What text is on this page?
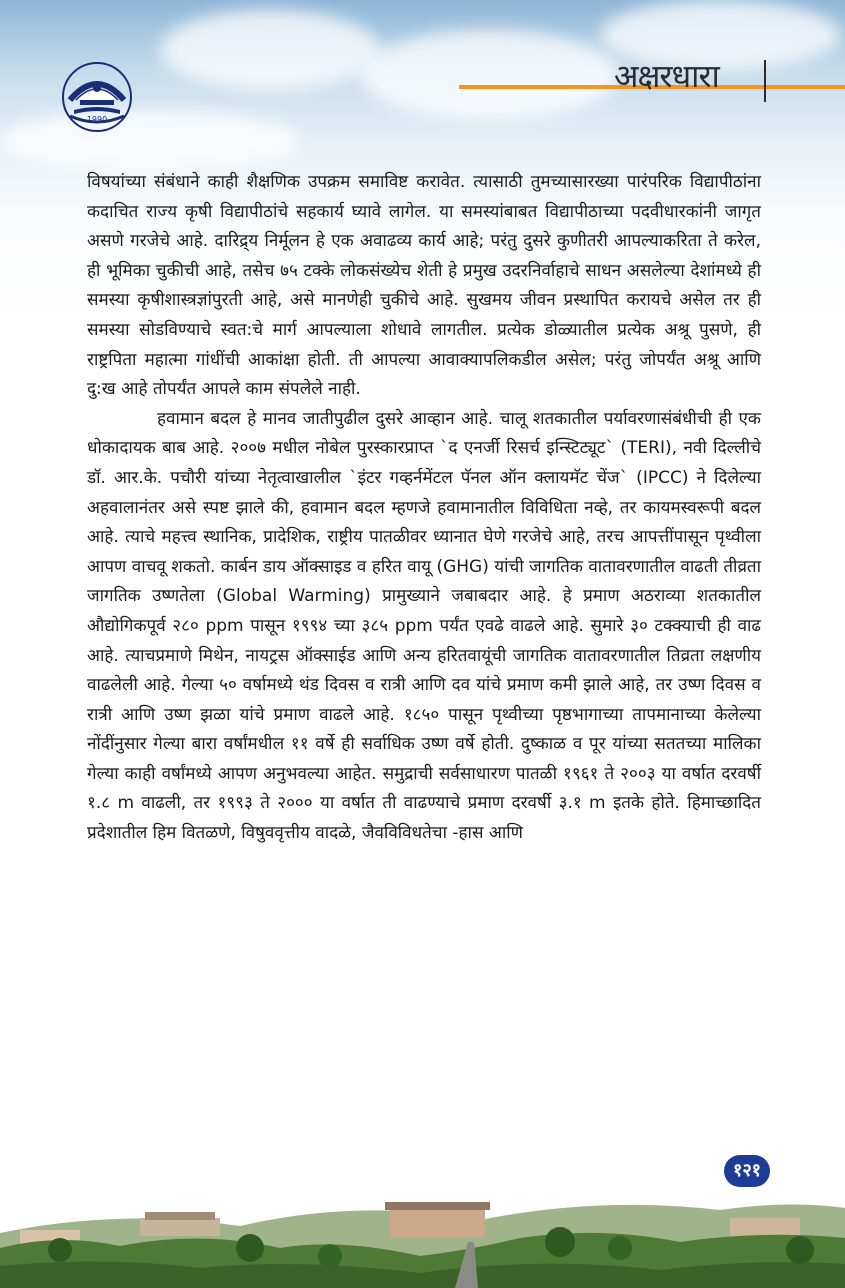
1990
अक्षरधारा

विषयांच्या संबंधाने काही शैक्षणिक उपक्रम समाविष्ट करावेत. त्यासाठी तुमच्यासारख्या पारंपरिक विद्यापीठांना कदाचित राज्य कृषी विद्यापीठांचे सहकार्य घ्यावे लागेल. या समस्यांबाबत विद्यापीठाच्या पदवीधारकांनी जागृत असणे गरजेचे आहे. दारिद्र्य निर्मूलन हे एक अवाढव्य कार्य आहे; परंतु दुसरे कुणीतरी आपल्याकरिता ते करेल, ही भूमिका चुकीची आहे, तसेच ७५ टक्के लोकसंख्येच शेती हे प्रमुख उदरनिर्वाहाचे साधन असलेल्या देशांमध्ये ही समस्या कृषीशास्त्रज्ञांपुरती आहे, असे मानणेही चुकीचे आहे. सुखमय जीवन प्रस्थापित करायचे असेल तर ही समस्या सोडविण्याचे स्वत:चे मार्ग आपल्याला शोधावे लागतील. प्रत्येक डोळ्यातील प्रत्येक अश्रू पुसणे, ही राष्ट्रपिता महात्मा गांधींची आकांक्षा होती. ती आपल्या आवाक्यापलिकडील असेल; परंतु जोपर्यंत अश्रू आणि दु:ख आहे तोपर्यंत आपले काम संपलेले नाही.

हवामान बदल हे मानव जातीपुढील दुसरे आव्हान आहे. चालू शतकातील पर्यावरणासंबंधीची ही एक धोकादायक बाब आहे. २००७ मधील नोबेल पुरस्कारप्राप्त `द एनर्जी रिसर्च इन्स्टिट्यूट` (TERI), नवी दिल्लीचे डॉ. आर.के. पचौरी यांच्या नेतृत्वाखालील `इंटर गव्हर्नमेंटल पॅनल ऑन क्लायमॅट चेंज` (IPCC) ने दिलेल्या अहवालानंतर असे स्पष्ट झाले की, हवामान बदल म्हणजे हवामानातील विविधिता नव्हे, तर कायमस्वरूपी बदल आहे. त्याचे महत्त्व स्थानिक, प्रादेशिक, राष्ट्रीय पातळीवर ध्यानात घेणे गरजेचे आहे, तरच आपत्तींपासून पृथ्वीला आपण वाचवू शकतो. कार्बन डाय ऑक्साइड व हरित वायू (GHG) यांची जागतिक वातावरणातील वाढती तीव्रता जागतिक उष्णतेला (Global Warming) प्रामुख्याने जबाबदार आहे. हे प्रमाण अठराव्या शतकातील औद्योगिकपूर्व २८० ppm पासून १९९४ च्या ३८५ ppm पर्यंत एवढे वाढले आहे. सुमारे ३० टक्क्याची ही वाढ आहे. त्याचप्रमाणे मिथेन, नायट्रस ऑक्साईड आणि अन्य हरितवायूंची जागतिक वातावरणातील तिव्रता लक्षणीय वाढलेली आहे. गेल्या ५० वर्षामध्ये थंड दिवस व रात्री आणि दव यांचे प्रमाण कमी झाले आहे, तर उष्ण दिवस व रात्री आणि उष्ण झळा यांचे प्रमाण वाढले आहे. १८५० पासून पृथ्वीच्या पृष्ठभागाच्या तापमानाच्या केलेल्या नोंदींनुसार गेल्या बारा वर्षांमधील ११ वर्षे ही सर्वाधिक उष्ण वर्षे होती. दुष्काळ व पूर यांच्या सततच्या मालिका गेल्या काही वर्षांमध्ये आपण अनुभवल्या आहेत. समुद्राची सर्वसाधारण पातळी १९६१ ते २००३ या वर्षात दरवर्षी १.८ m वाढली, तर १९९३ ते २००० या वर्षात ती वाढण्याचे प्रमाण दरवर्षी ३.१ m इतके होते. हिमाच्छादित प्रदेशातील हिम वितळणे, विषुववृत्तीय वादळे, जैवविविधतेचा -हास आणि

१२१
